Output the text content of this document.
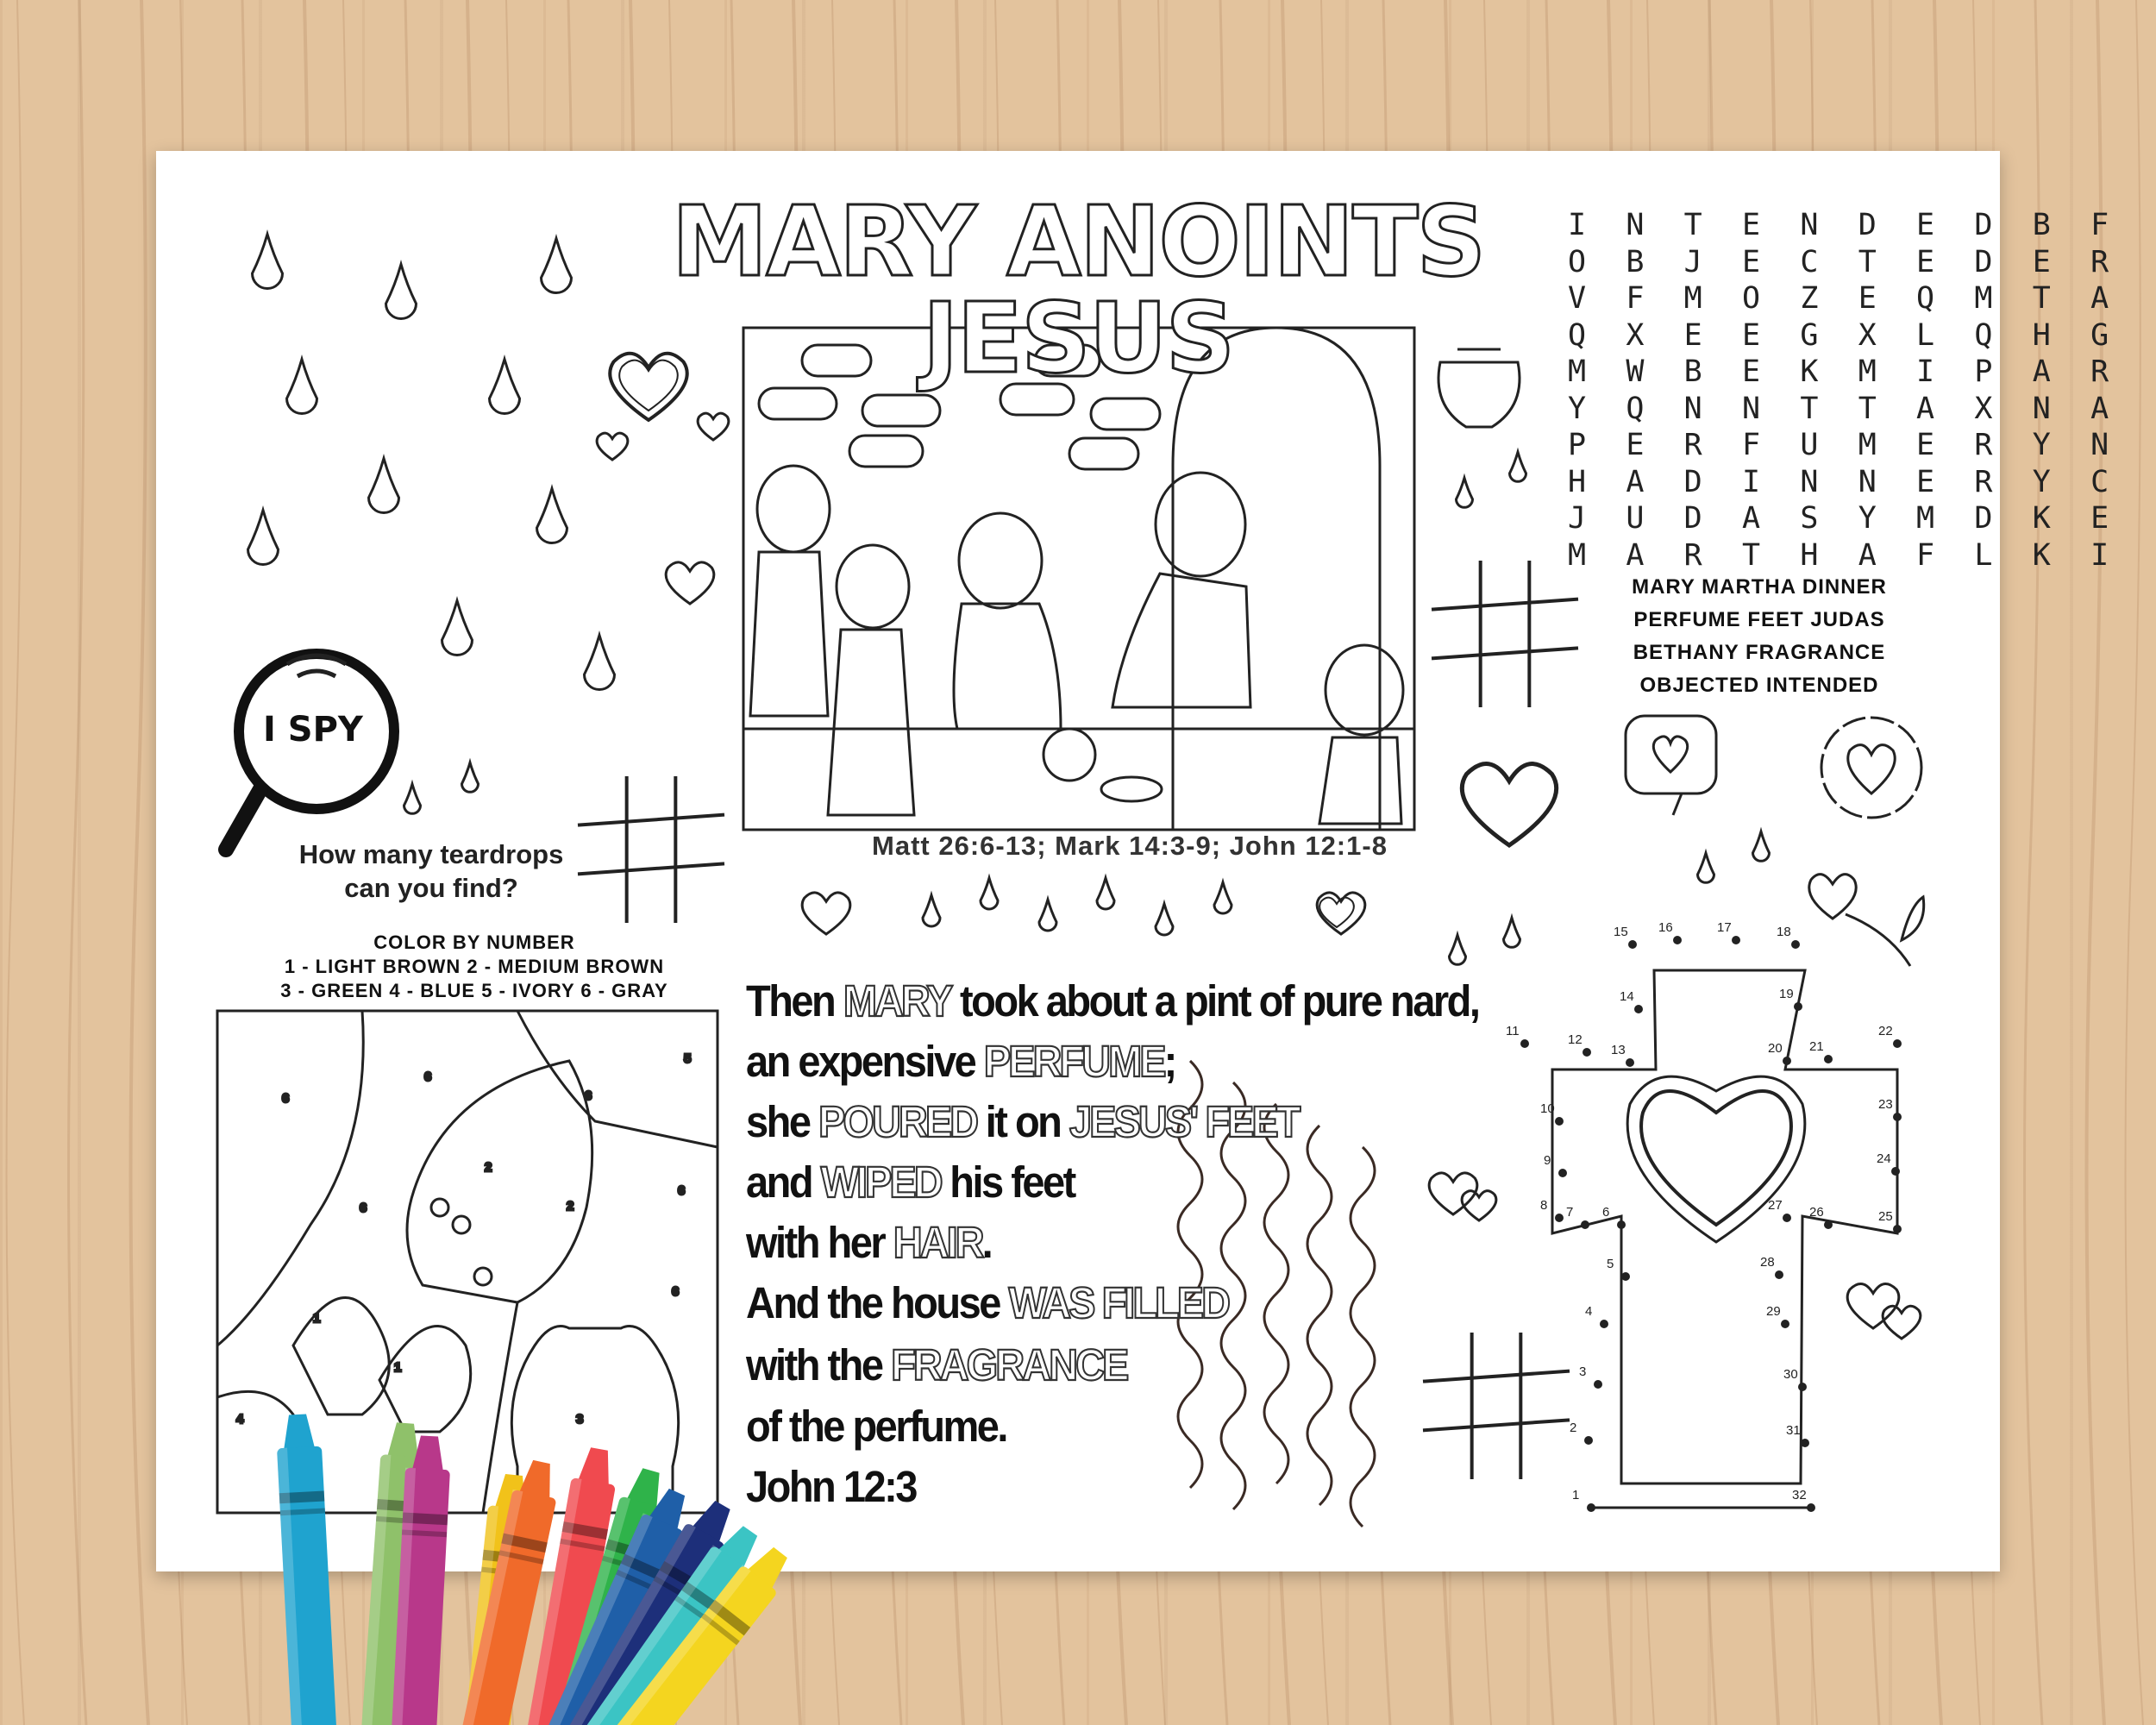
6
6
5
6
2
2
6
6
6
1
1
4	3
1
2
3
4
5
6
7
8
9
10
11
12
13
14
15 16	17	18
19
20 21
22
23
24
25
26
27
28
29
30
31
32
MARY ANOINTS JESUS
Matt 26:6-13; Mark 14:3-9; John 12:1-8
I SPY
How many teardrops
can you find?
COLOR BY NUMBER
1 - LIGHT BROWN 2 - MEDIUM BROWN
3 - GREEN 4 - BLUE 5 - IVORY 6 - GRAY
I N T E N D E D B F
O B J E C T E D E R
V F M O Z E Q M T A
Q X E E G X L Q H G
M W B E K M I P A R
Y Q N N T T A X N A
P E R F U M E R Y N
H A D I N N E R Y C
J U D A S Y M D K E
M A R T H A F L K I
MARY MARTHA DINNER
PERFUME FEET JUDAS
BETHANY FRAGRANCE
OBJECTED INTENDED
Then MARY took about a pint of pure nard,
an expensive PERFUME;
she POURED it on JESUS' FEET
and WIPED his feet
with her HAIR.
And the house WAS FILLED
with the FRAGRANCE
of the perfume.
John 12:3
